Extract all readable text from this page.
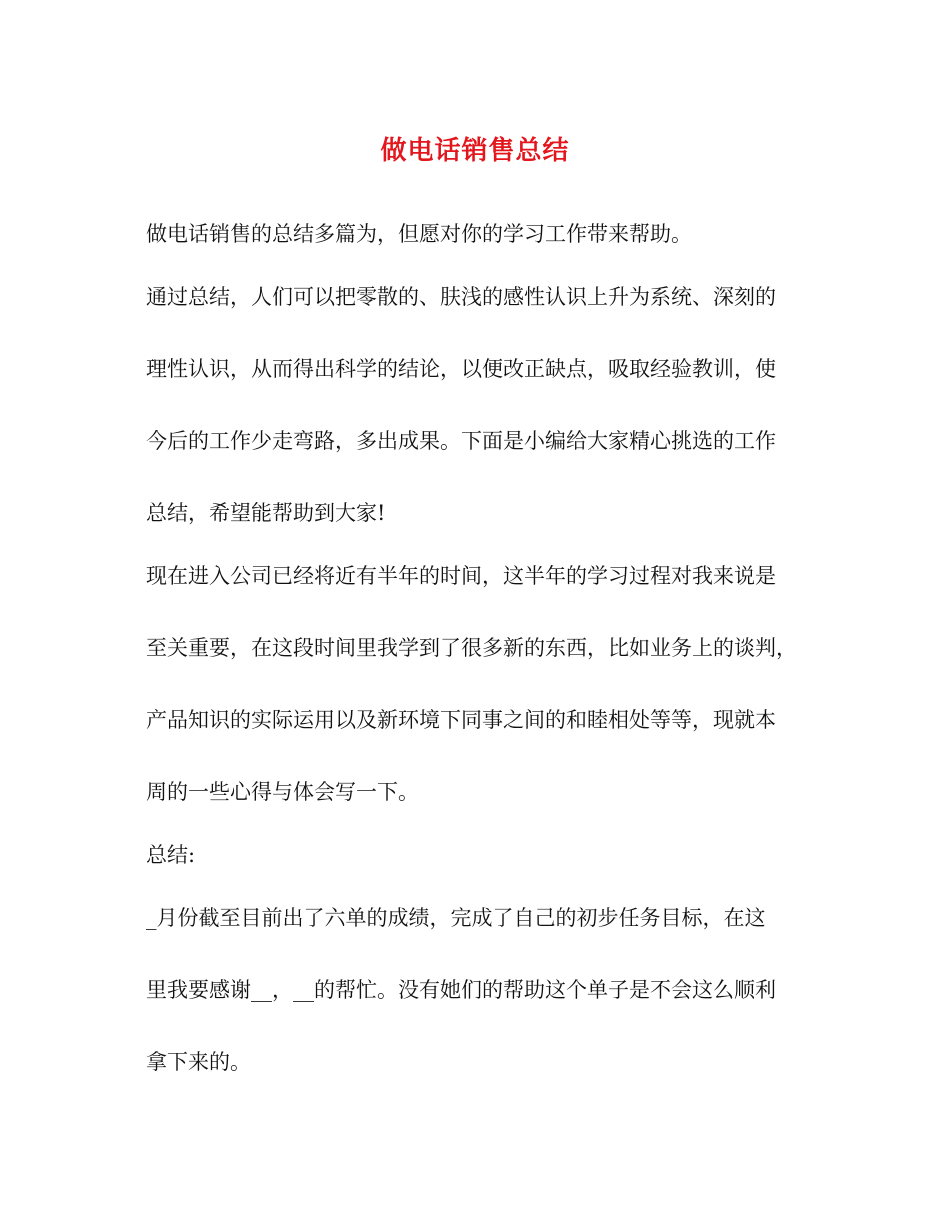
做电话销售总结
做电话销售的总结多篇为，但愿对你的学习工作带来帮助。
通过总结，人们可以把零散的、肤浅的感性认识上升为系统、深刻的
理性认识，从而得出科学的结论，以便改正缺点，吸取经验教训，使
今后的工作少走弯路，多出成果。下面是小编给大家精心挑选的工作
总结，希望能帮助到大家!
现在进入公司已经将近有半年的时间，这半年的学习过程对我来说是
至关重要，在这段时间里我学到了很多新的东西，比如业务上的谈判，
产品知识的实际运用以及新环境下同事之间的和睦相处等等，现就本
周的一些心得与体会写一下。
总结:
_月份截至目前出了六单的成绩，完成了自己的初步任务目标，在这
里我要感谢__，__的帮忙。没有她们的帮助这个单子是不会这么顺利
拿下来的。
